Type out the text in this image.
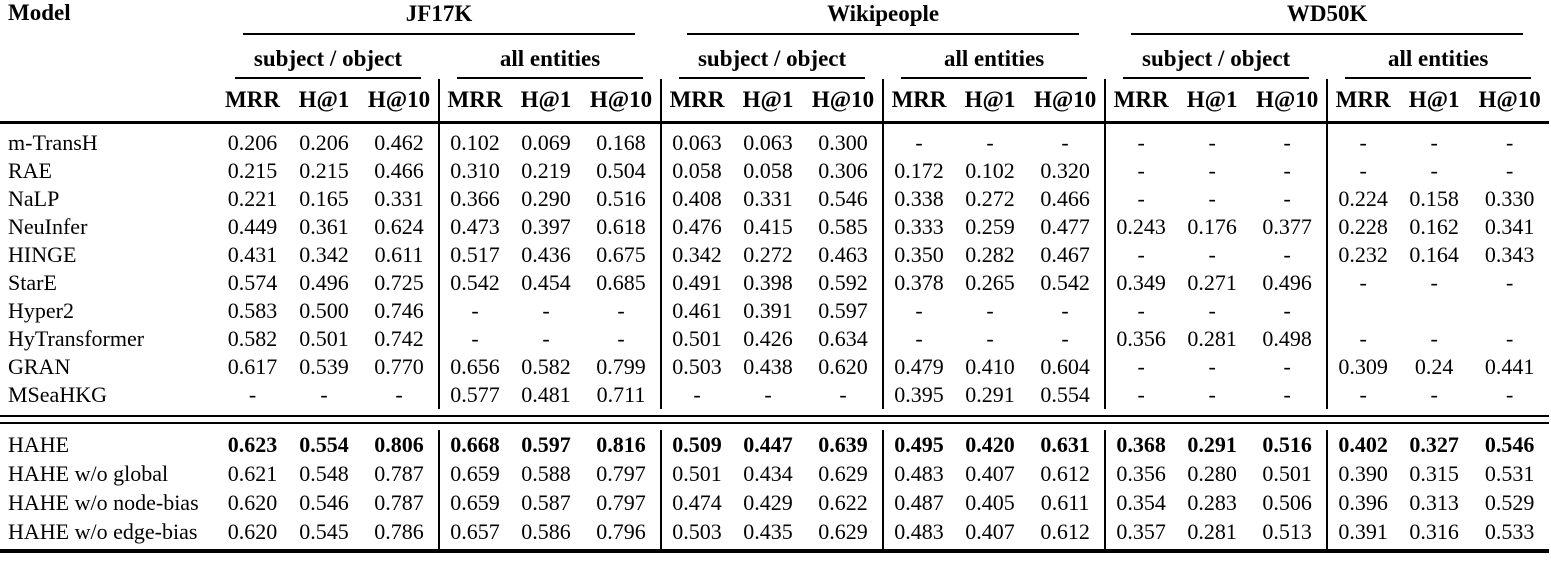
Model	JF17K						Wikipeople						WD50K					

	subject / object			all entities			subject / object			all entities			subject / object			all entities		

	MRR	H@1	H@10	MRR	H@1	H@10	MRR	H@1	H@10	MRR	H@1	H@10	MRR	H@1	H@10	MRR	H@1	H@10
m-TransH	0.206	0.206	0.462	0.102	0.069	0.168	0.063	0.063	0.300	-	-	-	-	-	-	-	-	-
RAE	0.215	0.215	0.466	0.310	0.219	0.504	0.058	0.058	0.306	0.172	0.102	0.320	-	-	-	-	-	-
NaLP	0.221	0.165	0.331	0.366	0.290	0.516	0.408	0.331	0.546	0.338	0.272	0.466	-	-	-	0.224	0.158	0.330
NeuInfer	0.449	0.361	0.624	0.473	0.397	0.618	0.476	0.415	0.585	0.333	0.259	0.477	0.243	0.176	0.377	0.228	0.162	0.341
HINGE	0.431	0.342	0.611	0.517	0.436	0.675	0.342	0.272	0.463	0.350	0.282	0.467	-	-	-	0.232	0.164	0.343
StarE	0.574	0.496	0.725	0.542	0.454	0.685	0.491	0.398	0.592	0.378	0.265	0.542	0.349	0.271	0.496	-	-	-
Hyper2	0.583	0.500	0.746	-	-	-	0.461	0.391	0.597	-	-	-	-	-	-			
HyTransformer	0.582	0.501	0.742	-	-	-	0.501	0.426	0.634	-	-	-	0.356	0.281	0.498	-	-	-
GRAN	0.617	0.539	0.770	0.656	0.582	0.799	0.503	0.438	0.620	0.479	0.410	0.604	-	-	-	0.309	0.24	0.441
MSeaHKG	-	-	-	0.577	0.481	0.711	-	-	-	0.395	0.291	0.554	-	-	-	-	-	-

HAHE	0.623	0.554	0.806	0.668	0.597	0.816	0.509	0.447	0.639	0.495	0.420	0.631	0.368	0.291	0.516	0.402	0.327	0.546
HAHE w/o global	0.621	0.548	0.787	0.659	0.588	0.797	0.501	0.434	0.629	0.483	0.407	0.612	0.356	0.280	0.501	0.390	0.315	0.531
HAHE w/o node-bias	0.620	0.546	0.787	0.659	0.587	0.797	0.474	0.429	0.622	0.487	0.405	0.611	0.354	0.283	0.506	0.396	0.313	0.529
HAHE w/o edge-bias	0.620	0.545	0.786	0.657	0.586	0.796	0.503	0.435	0.629	0.483	0.407	0.612	0.357	0.281	0.513	0.391	0.316	0.533
